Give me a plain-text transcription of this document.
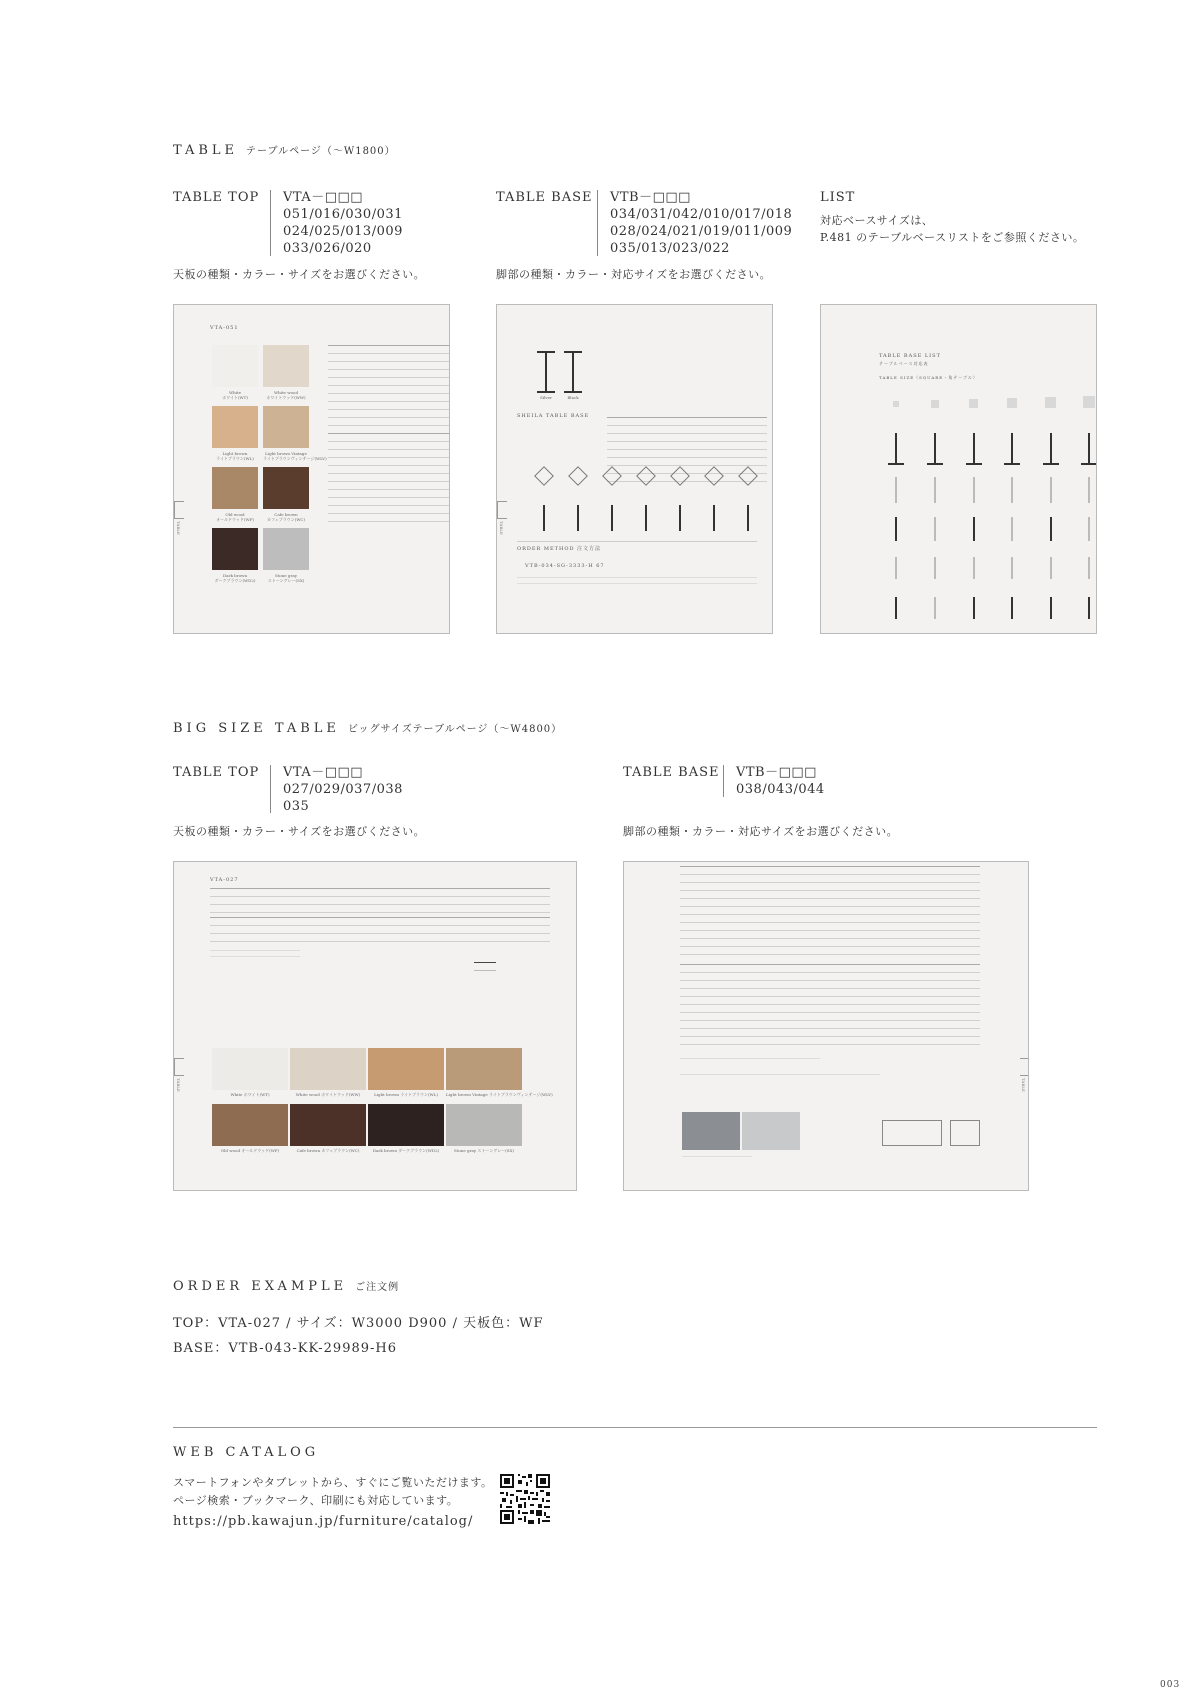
TABLE テーブルページ（～W1800）
TABLE TOP VTA－□□□
051/016/030/031
024/025/013/009
033/026/020
天板の種類・カラー・サイズをお選びください。
TABLE BASE VTB－□□□
034/031/042/010/017/018
028/024/021/019/011/009
035/013/023/022
脚部の種類・カラー・対応サイズをお選びください。
LIST
対応ベースサイズは、
P.481 のテーブルベースリストをご参照ください。
VTA-051
White
ホワイト(WT)
White wood
ホワイトウッド(WW)
Light brown
ライトブラウン(WL)
Light brown Vintage
ライトブラウンヴィンテージ(WLV)
Old wood
オールドウッド(WF)
Cafe brown
カフェブラウン(WC)
Dark brown
ダークブラウン(WD2)
Stone gray
ストーングレー(SX)
TABLE
Silver	Black
SHEILA TABLE BASE
ORDER METHOD 注文方法
VTB-034-SG-3333-H 67
TABLE
TABLE BASE LIST
テーブルベース対応表
TABLE SIZE（SQUARE・角テーブル）
BIG SIZE TABLE ビッグサイズテーブルページ（～W4800）
TABLE TOP VTA－□□□
027/029/037/038
035
天板の種類・カラー・サイズをお選びください。
TABLE BASE VTB－□□□
038/043/044
脚部の種類・カラー・対応サイズをお選びください。
VTA-027
White ホワイト(WT)	White wood ホワイトウッド(WW)	Light brown ライトブラウン(WL)	Light brown Vintage ライトブラウンヴィンテージ(WLV)
Old wood オールドウッド(WF)	Cafe brown カフェブラウン(WC)	Dark brown ダークブラウン(WD2)	Stone gray ストーングレー(SX)
TABLE	TABLE
ORDER EXAMPLE ご注文例
TOP：VTA-027 / サイズ：W3000 D900 / 天板色：WF
BASE：VTB-043-KK-29989-H6
WEB CATALOG
スマートフォンやタブレットから、すぐにご覧いただけます。
ページ検索・ブックマーク、印刷にも対応しています。
https://pb.kawajun.jp/furniture/catalog/
003
